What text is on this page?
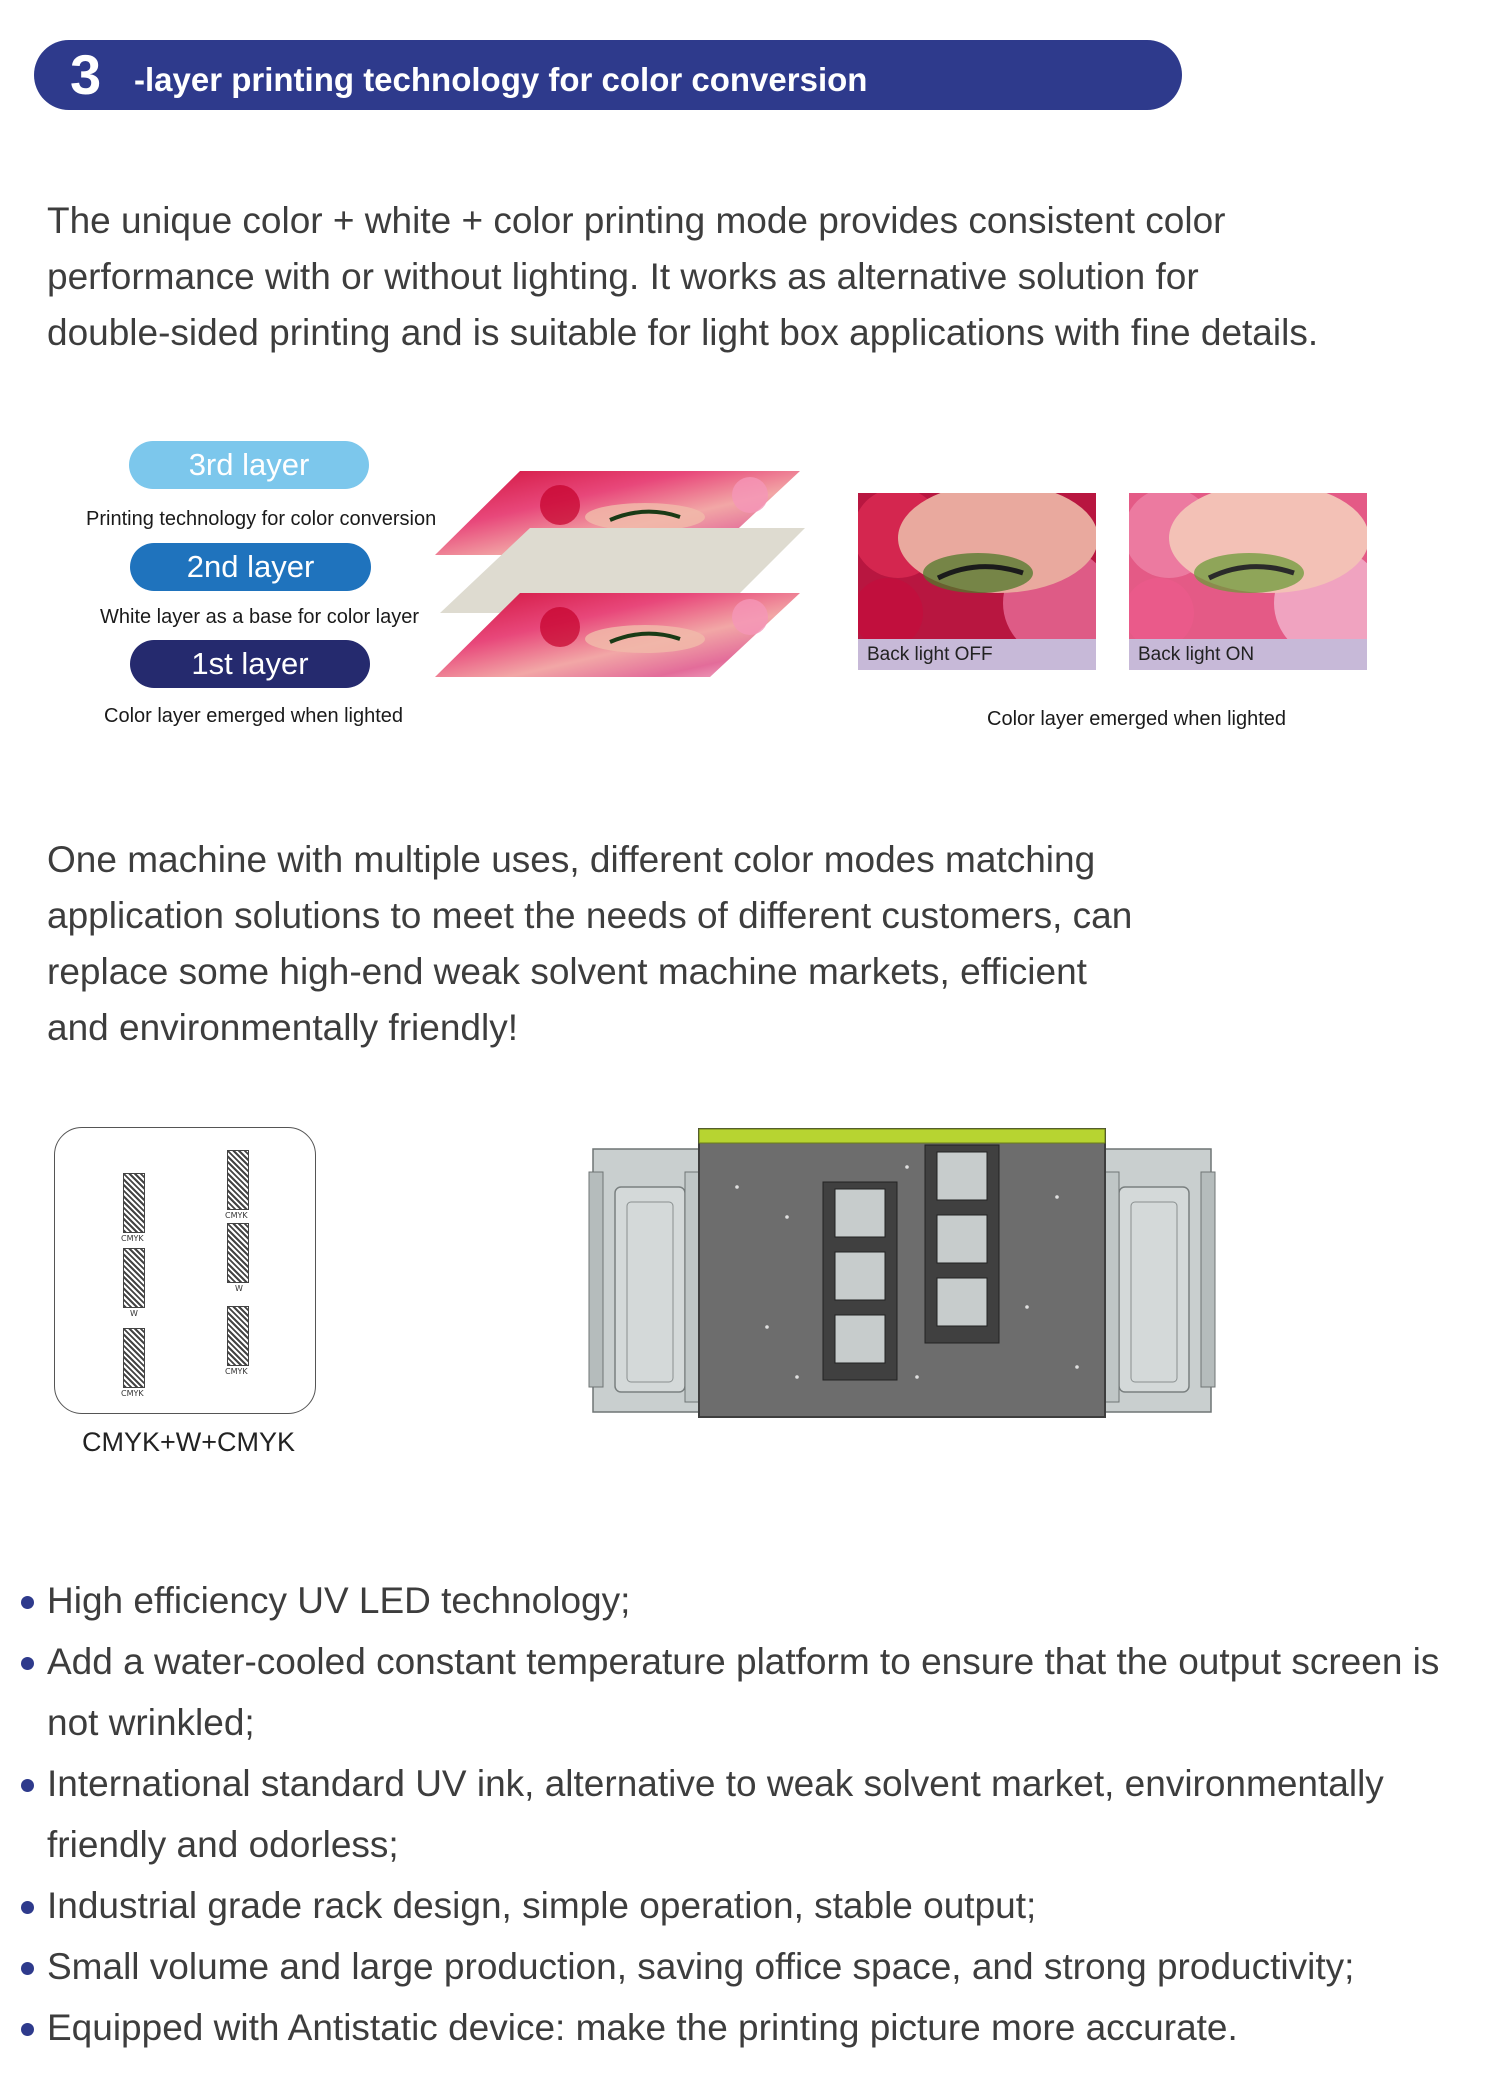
3 -layer printing technology for color conversion
The unique color + white + color printing mode provides consistent color
performance with or without lighting. It works as alternative solution for
double-sided printing and is suitable for light box applications with fine details.
3rd layer
Printing technology for color conversion
2nd layer
White layer as a base for color layer
1st layer
Color layer emerged when lighted
Back light OFF	Back light ON
Color layer emerged when lighted
One machine with multiple uses, different color modes matching
application solutions to meet the needs of different customers, can
replace some high-end weak solvent machine markets, efficient
and environmentally friendly!
CMYK
W
CMYK
CMYK
W
CMYK
CMYK+W+CMYK
High efficiency UV LED technology;
Add a water-cooled constant temperature platform to ensure that the output screen is not wrinkled;
International standard UV ink, alternative to weak solvent market, environmentally friendly and odorless;
Industrial grade rack design, simple operation, stable output;
Small volume and large production, saving office space, and strong productivity;
Equipped with Antistatic device: make the printing picture more accurate.
